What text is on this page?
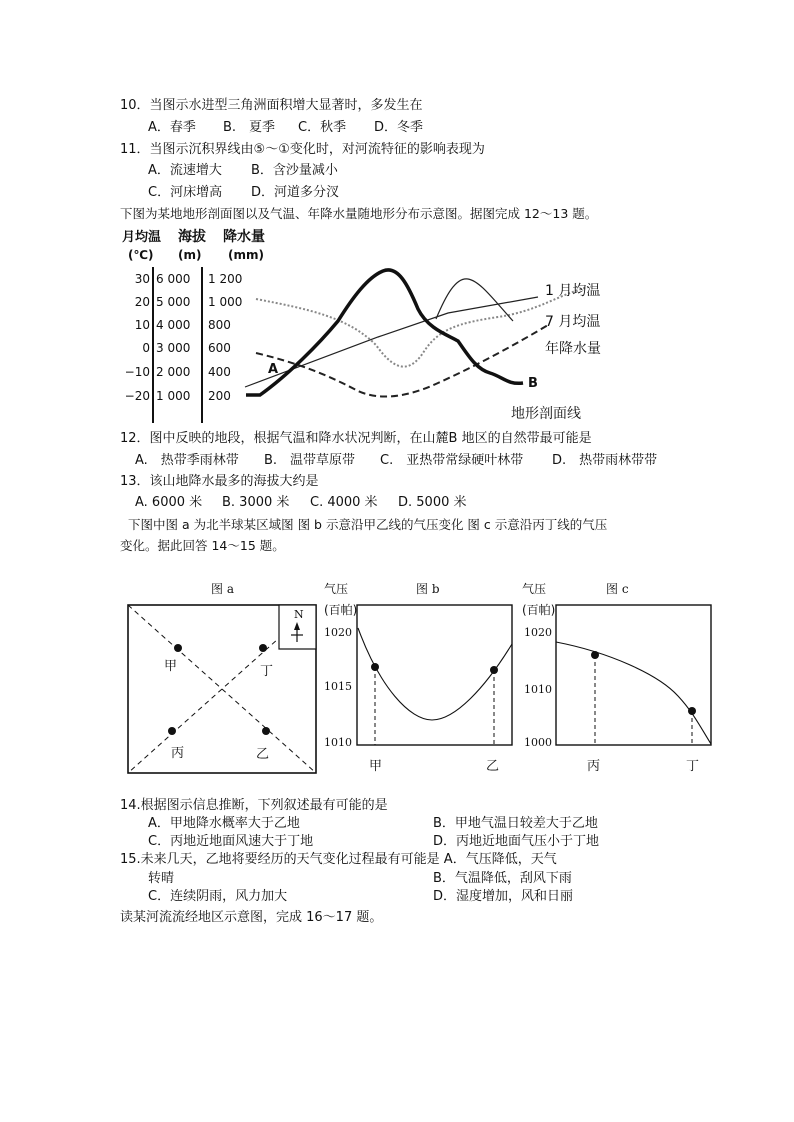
10．当图示水进型三角洲面积增大显著时，多发生在
A．春季 B.　夏季 C．秋季 D．冬季
11．当图示沉积界线由⑤～①变化时，对河流特征的影响表现为
A．流速增大 B．含沙量减小
C．河床增高 D．河道多分汊
下图为某地地形剖面图以及气温、年降水量随地形分布示意图。据图完成 12～13 题。
月均温 海拔 降水量
(℃) (m) (mm)
30
20
10
0
−10
−20
6 000
5 000
4 000
3 000
2 000
1 000
1 200
1 000
800
600
400
200
A
B
1 月均温
7 月均温
年降水量
地形剖面线
12．图中反映的地段，根据气温和降水状况判断，在山麓B 地区的自然带最可能是
A.　热带季雨林带 B.　温带草原带 C.　亚热带常绿硬叶林带 D.　热带雨林带带
13．该山地降水最多的海拔大约是
A. 6000 米 B. 3000 米 C. 4000 米 D. 5000 米
下图中图 a 为北半球某区域图 图 b 示意沿甲乙线的气压变化 图 c 示意沿丙丁线的气压
变化。据此回答 14～15 题。
图 a
N
甲	丁
丙	乙
气压	图 b
(百帕)
1020
1015
1010
甲	乙
气压	图 c
(百帕)
1020
1010
1000
丙	丁
14.根据图示信息推断，下列叙述最有可能的是
A．甲地降水概率大于乙地	B．甲地气温日较差大于乙地
C．丙地近地面风速大于丁地	D．丙地近地面气压小于丁地
15.未来几天，乙地将要经历的天气变化过程最有可能是 A．气压降低，天气
转晴	B．气温降低，刮风下雨
C．连续阴雨，风力加大	D．湿度增加，风和日丽
读某河流流经地区示意图，完成 16～17 题。
